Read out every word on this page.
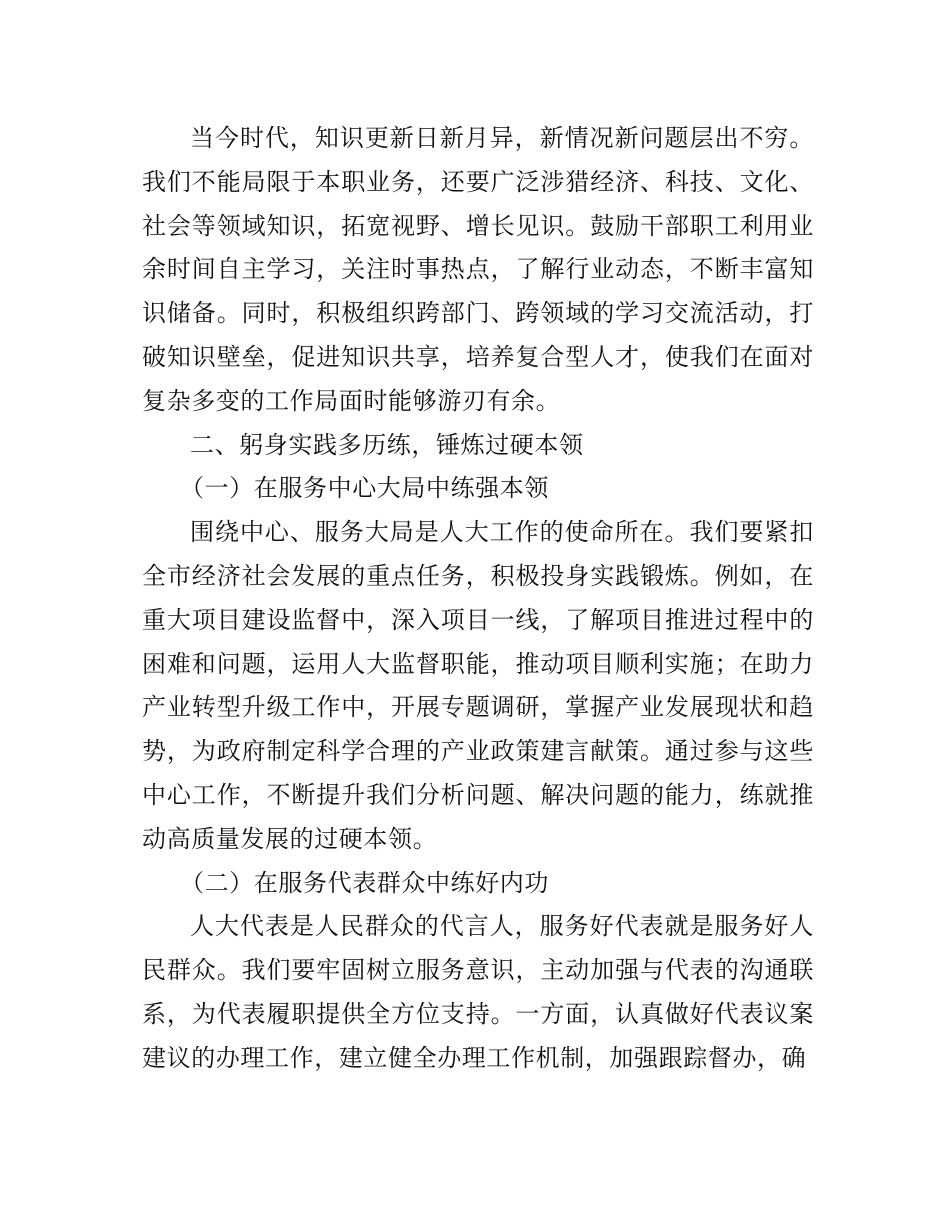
当今时代，知识更新日新月异，新情况新问题层出不穷。我们不能局限于本职业务，还要广泛涉猎经济、科技、文化、社会等领域知识，拓宽视野、增长见识。鼓励干部职工利用业余时间自主学习，关注时事热点，了解行业动态，不断丰富知识储备。同时，积极组织跨部门、跨领域的学习交流活动，打破知识壁垒，促进知识共享，培养复合型人才，使我们在面对复杂多变的工作局面时能够游刃有余。

二、躬身实践多历练，锤炼过硬本领

（一）在服务中心大局中练强本领

围绕中心、服务大局是人大工作的使命所在。我们要紧扣全市经济社会发展的重点任务，积极投身实践锻炼。例如，在重大项目建设监督中，深入项目一线，了解项目推进过程中的困难和问题，运用人大监督职能，推动项目顺利实施；在助力产业转型升级工作中，开展专题调研，掌握产业发展现状和趋势，为政府制定科学合理的产业政策建言献策。通过参与这些中心工作，不断提升我们分析问题、解决问题的能力，练就推动高质量发展的过硬本领。

（二）在服务代表群众中练好内功

人大代表是人民群众的代言人，服务好代表就是服务好人民群众。我们要牢固树立服务意识，主动加强与代表的沟通联系，为代表履职提供全方位支持。一方面，认真做好代表议案建议的办理工作，建立健全办理工作机制，加强跟踪督办，确
